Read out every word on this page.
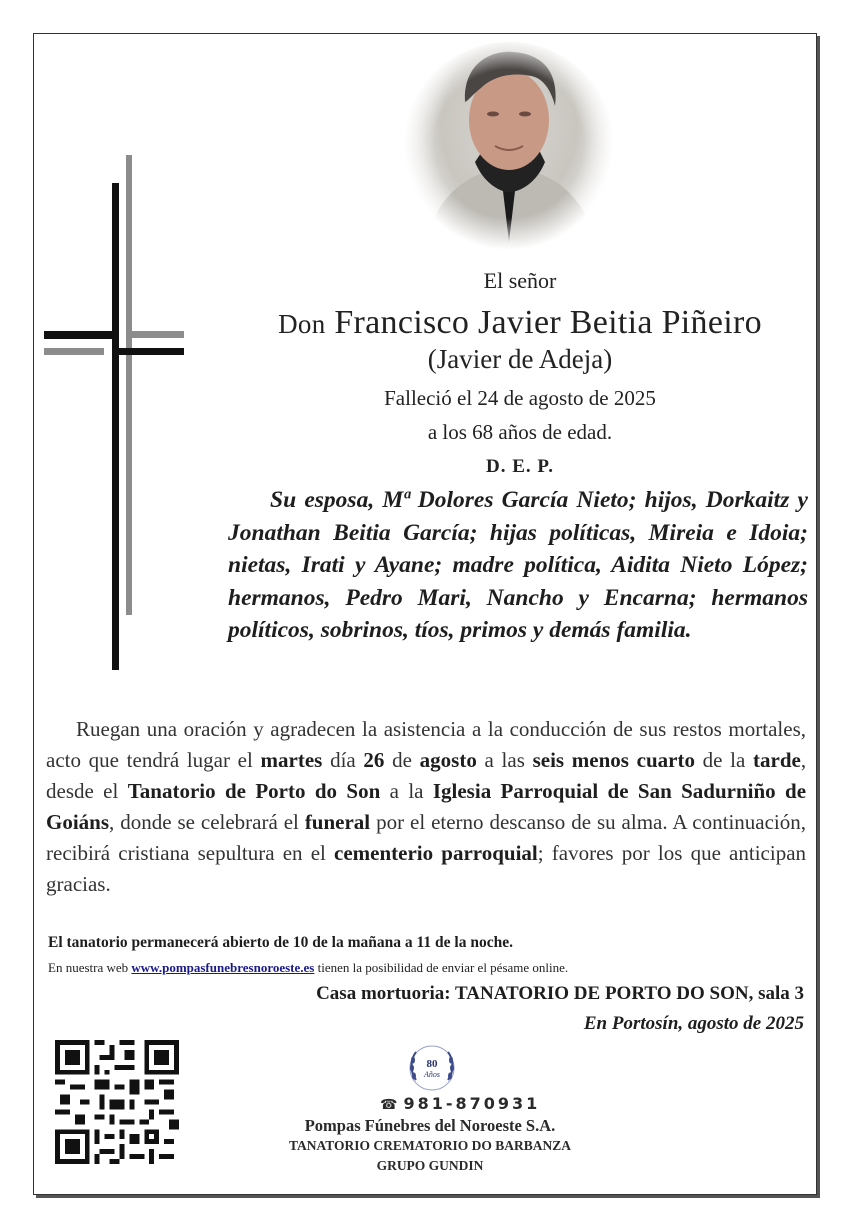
El señor
Don Francisco Javier Beitia Piñeiro
(Javier de Adeja)
Falleció el 24 de agosto de 2025
a los 68 años de edad.
D. E. P.
Su esposa, Mª Dolores García Nieto; hijos, Dorkaitz y Jonathan Beitia García; hijas políticas, Mireia e Idoia; nietas, Irati y Ayane; madre política, Aidita Nieto López; hermanos, Pedro Mari, Nancho y Encarna; hermanos políticos, sobrinos, tíos, primos y demás familia.
Ruegan una oración y agradecen la asistencia a la conducción de sus restos mortales, acto que tendrá lugar el martes día 26 de agosto a las seis menos cuarto de la tarde, desde el Tanatorio de Porto do Son a la Iglesia Parroquial de San Sadurniño de Goiáns, donde se celebrará el funeral por el eterno descanso de su alma. A continuación, recibirá cristiana sepultura en el cementerio parroquial; favores por los que anticipan gracias.
El tanatorio permanecerá abierto de 10 de la mañana a 11 de la noche.
En nuestra web www.pompasfunebresnoroeste.es tienen la posibilidad de enviar el pésame online.
Casa mortuoria: TANATORIO DE PORTO DO SON, sala 3
En Portosín, agosto de 2025
80
Años
☎ 981-870931
Pompas Fúnebres del Noroeste S.A.
TANATORIO CREMATORIO DO BARBANZA
GRUPO GUNDIN
